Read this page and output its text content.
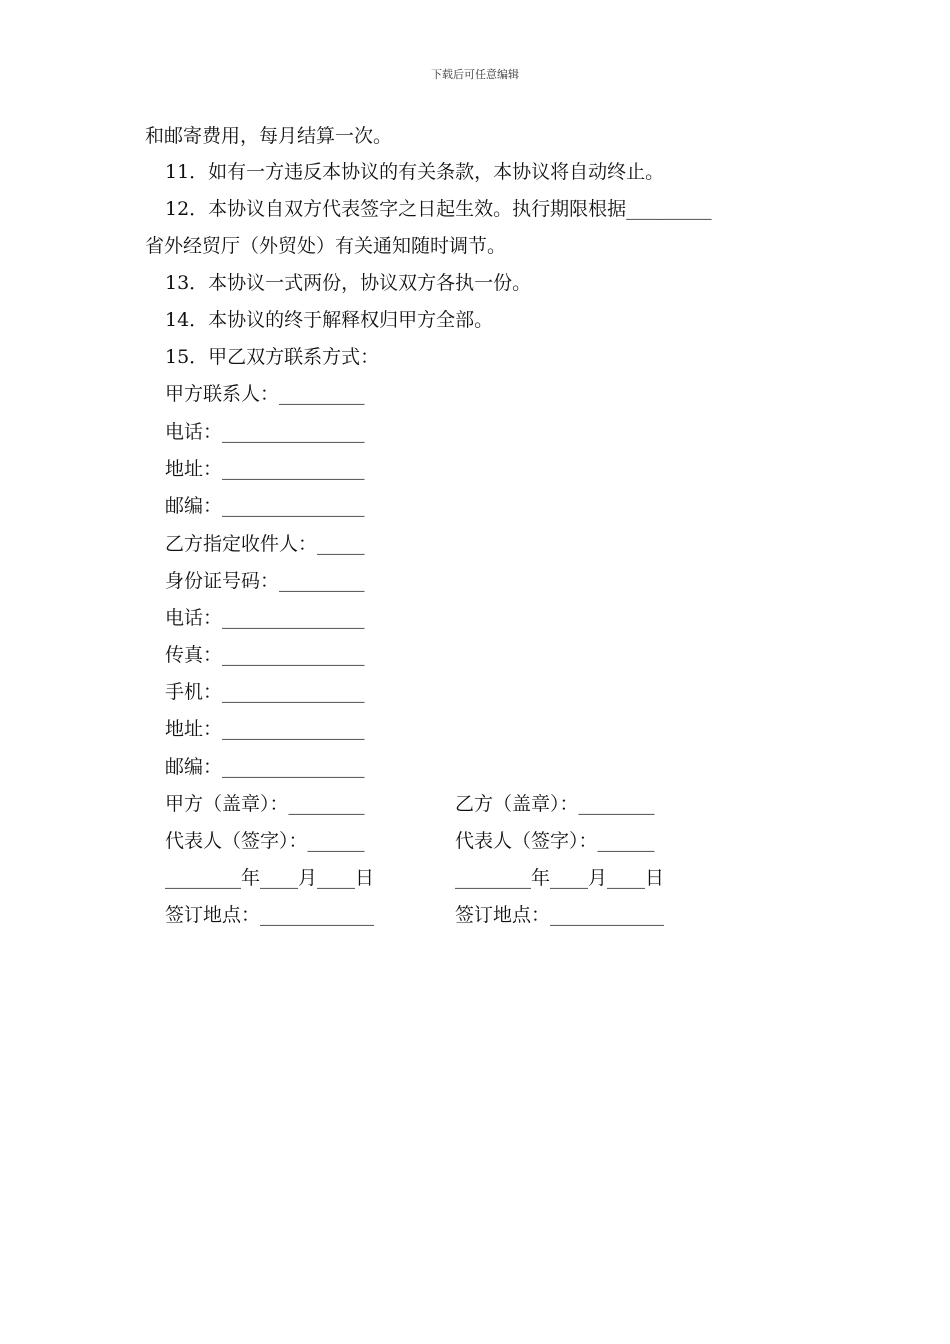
下载后可任意编辑
和邮寄费用，每月结算一次。
11．如有一方违反本协议的有关条款，本协议将自动终止。
12．本协议自双方代表签字之日起生效。执行期限根据_________
省外经贸厅（外贸处）有关通知随时调节。
13．本协议一式两份，协议双方各执一份。
14．本协议的终于解释权归甲方全部。
15．甲乙双方联系方式：
甲方联系人：_________
电话：_______________
地址：_______________
邮编：_______________
乙方指定收件人：_____
身份证号码：_________
电话：_______________
传真：_______________
手机：_______________
地址：_______________
邮编：_______________
甲方（盖章）：________	乙方（盖章）：________
代表人（签字）：______	代表人（签字）：______
________年____月____日	________年____月____日
签订地点：____________	签订地点：____________
